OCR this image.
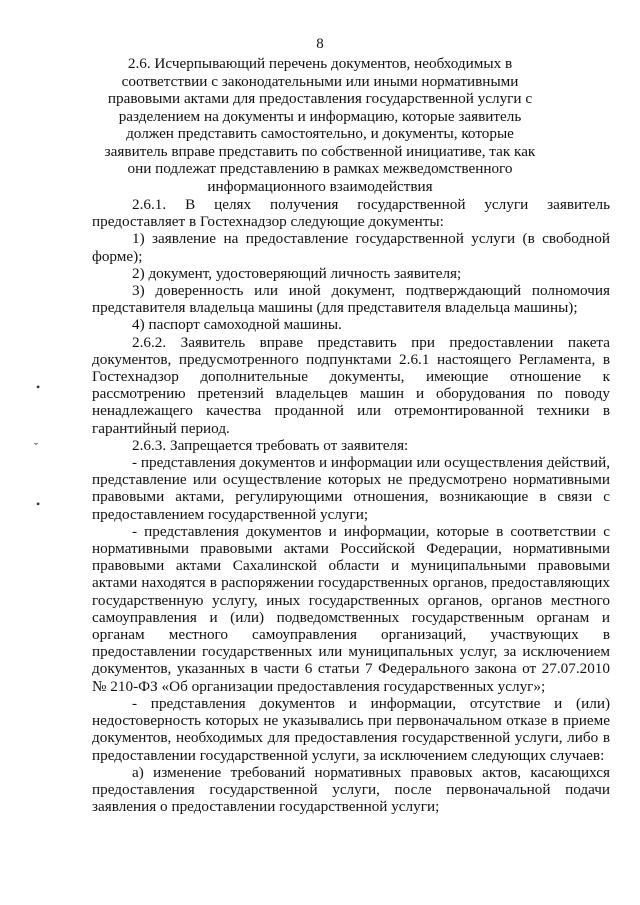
8
2.6. Исчерпывающий перечень документов, необходимых в соответствии с законодательными или иными нормативными правовыми актами для предоставления государственной услуги с разделением на документы и информацию, которые заявитель должен представить самостоятельно, и документы, которые заявитель вправе представить по собственной инициативе, так как они подлежат представлению в рамках межведомственного информационного взаимодействия

2.6.1. В целях получения государственной услуги заявитель предоставляет в Гостехнадзор следующие документы:

1) заявление на предоставление государственной услуги (в свободной форме);

2) документ, удостоверяющий личность заявителя;

3) доверенность или иной документ, подтверждающий полномочия представителя владельца машины (для представителя владельца машины);

4) паспорт самоходной машины.

2.6.2. Заявитель вправе представить при предоставлении пакета документов, предусмотренного подпунктами 2.6.1 настоящего Регламента, в Гостехнадзор дополнительные документы, имеющие отношение к рассмотрению претензий владельцев машин и оборудования по поводу ненадлежащего качества проданной или отремонтированной техники в гарантийный период.

2.6.3. Запрещается требовать от заявителя:

- представления документов и информации или осуществления действий, представление или осуществление которых не предусмотрено нормативными правовыми актами, регулирующими отношения, возникающие в связи с предоставлением государственной услуги;

- представления документов и информации, которые в соответствии с нормативными правовыми актами Российской Федерации, нормативными правовыми актами Сахалинской области и муниципальными правовыми актами находятся в распоряжении государственных органов, предоставляющих государственную услугу, иных государственных органов, органов местного самоуправления и (или) подведомственных государственным органам и органам местного самоуправления организаций, участвующих в предоставлении государственных или муниципальных услуг, за исключением документов, указанных в части 6 статьи 7 Федерального закона от 27.07.2010 № 210-ФЗ «Об организации предоставления государственных услуг»;

- представления документов и информации, отсутствие и (или) недостоверность которых не указывались при первоначальном отказе в приеме документов, необходимых для предоставления государственной услуги, либо в предоставлении государственной услуги, за исключением следующих случаев:

а) изменение требований нормативных правовых актов, касающихся предоставления государственной услуги, после первоначальной подачи заявления о предоставлении государственной услуги;

•
ˇ
•
